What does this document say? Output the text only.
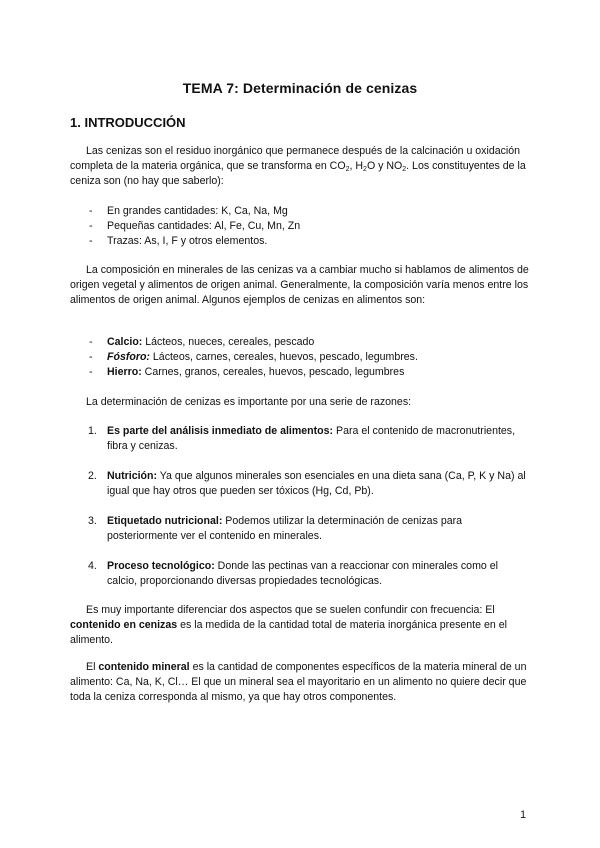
TEMA 7: Determinación de cenizas
1. INTRODUCCIÓN

Las cenizas son el residuo inorgánico que permanece después de la calcinación u oxidación completa de la materia orgánica, que se transforma en $CO_2$, $H_2O$ y $NO_2$. Los constituyentes de la ceniza son (no hay que saberlo):

- En grandes cantidades: K, Ca, Na, Mg
- Pequeñas cantidades: Al, Fe, Cu, Mn, Zn
- Trazas: As, I, F y otros elementos.

La composición en minerales de las cenizas va a cambiar mucho si hablamos de alimentos de origen vegetal y alimentos de origen animal. Generalmente, la composición varía menos entre los alimentos de origen animal. Algunos ejemplos de cenizas en alimentos son:

- Calcio: Lácteos, nueces, cereales, pescado
- Fósforo: Lácteos, carnes, cereales, huevos, pescado, legumbres.
- Hierro: Carnes, granos, cereales, huevos, pescado, legumbres

La determinación de cenizas es importante por una serie de razones:

1. Es parte del análisis inmediato de alimentos: Para el contenido de macronutrientes, fibra y cenizas.
2. Nutrición: Ya que algunos minerales son esenciales en una dieta sana (Ca, P, K y Na) al igual que hay otros que pueden ser tóxicos (Hg, Cd, Pb).
3. Etiquetado nutricional: Podemos utilizar la determinación de cenizas para posteriormente ver el contenido en minerales.
4. Proceso tecnológico: Donde las pectinas van a reaccionar con minerales como el calcio, proporcionando diversas propiedades tecnológicas.

Es muy importante diferenciar dos aspectos que se suelen confundir con frecuencia: El contenido en cenizas es la medida de la cantidad total de materia inorgánica presente en el alimento.

El contenido mineral es la cantidad de componentes específicos de la materia mineral de un alimento: Ca, Na, K, Cl… El que un mineral sea el mayoritario en un alimento no quiere decir que toda la ceniza corresponda al mismo, ya que hay otros componentes.

1
